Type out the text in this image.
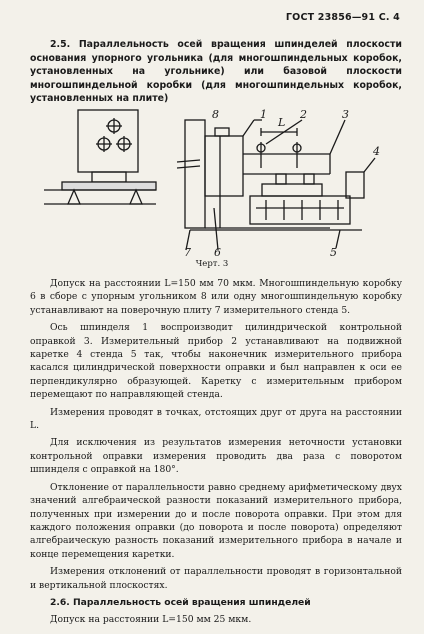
ГОСТ 23856—91 С. 4
2.5. Параллельность осей вращения шпинделей плоскости основания упорного угольника (для многошпиндельных коробок, установленных на угольнике) или базовой плоскости многошпиндельной коробки (для многошпиндельных коробок, установленных на плите)
8	1
L
2	3
4
5
6
7
Черт. 3

Допуск на расстоянии L=150 мм 70 мкм. Многошпиндельную коробку 6 в сборе с упорным угольником 8 или одну многошпиндельную коробку устанавливают на поверочную плиту 7 измерительного стенда 5.

Ось шпинделя 1 воспроизводит цилиндрической контрольной оправкой 3. Измерительный прибор 2 устанавливают на подвижной каретке 4 стенда 5 так, чтобы наконечник измерительного прибора касался цилиндрической поверхности оправки и был направлен к оси ее перпендикулярно образующей. Каретку с измерительным прибором перемещают по направляющей стенда.

Измерения проводят в точках, отстоящих друг от друга на расстоянии L.

Для исключения из результатов измерения неточности установки контрольной оправки измерения проводить два раза с поворотом шпинделя с оправкой на 180°.

Отклонение от параллельности равно среднему арифметическому двух значений алгебраической разности показаний измерительного прибора, полученных при измерении до и после поворота оправки. При этом для каждого положения оправки (до поворота и после поворота) определяют алгебраическую разность показаний измерительного прибора в начале и конце перемещения каретки.

Измерения отклонений от параллельности проводят в горизонтальной и вертикальной плоскостях.

2.6. Параллельность осей вращения шпинделей

Допуск на расстоянии L=150 мм 25 мкм.
